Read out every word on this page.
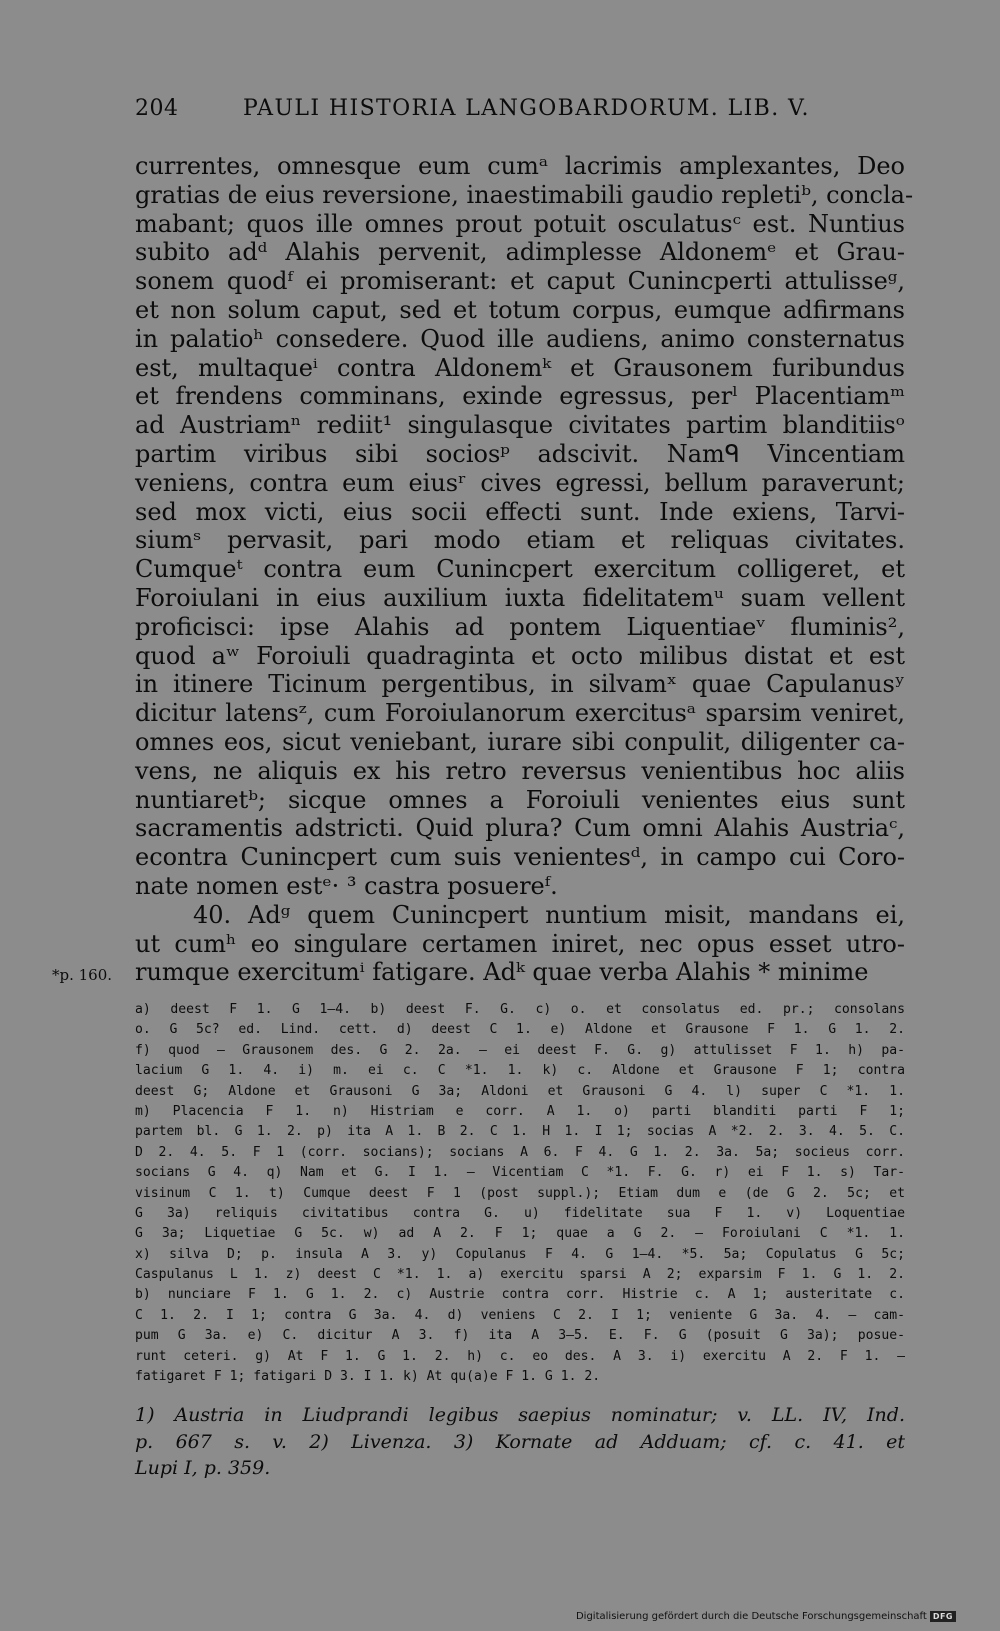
204	PAULI HISTORIA LANGOBARDORUM. LIB. V.
currentes, omnesque eum cumᵃ lacrimis amplexantes, Deo
gratias de eius reversione, inaestimabili gaudio repletiᵇ, concla-
mabant; quos ille omnes prout potuit osculatusᶜ est. Nuntius
subito adᵈ Alahis pervenit, adimplesse Aldonemᵉ et Grau-
sonem quodᶠ ei promiserant: et caput Cunincperti attulisseᵍ,
et non solum caput, sed et totum corpus, eumque adfirmans
in palatioʰ consedere. Quod ille audiens, animo consternatus
est, multaqueⁱ contra Aldonemᵏ et Grausonem furibundus
et frendens comminans, exinde egressus, perˡ Placentiamᵐ
ad Austriamⁿ rediit¹ singulasque civitates partim blanditiisᵒ
partim viribus sibi sociosᵖ adscivit. Namᑫ Vincentiam
veniens, contra eum eiusʳ cives egressi, bellum paraverunt;
sed mox victi, eius socii effecti sunt. Inde exiens, Tarvi-
siumˢ pervasit, pari modo etiam et reliquas civitates.
Cumqueᵗ contra eum Cunincpert exercitum colligeret, et
Foroiulani in eius auxilium iuxta fidelitatemᵘ suam vellent
proficisci: ipse Alahis ad pontem Liquentiaeᵛ fluminis²,
quod aʷ Foroiuli quadraginta et octo milibus distat et est
in itinere Ticinum pergentibus, in silvamˣ quae Capulanusʸ
dicitur latensᶻ, cum Foroiulanorum exercitusᵃ sparsim veniret,
omnes eos, sicut veniebant, iurare sibi conpulit, diligenter ca-
vens, ne aliquis ex his retro reversus venientibus hoc aliis
nuntiaretᵇ; sicque omnes a Foroiuli venientes eius sunt
sacramentis adstricti. Quid plura? Cum omni Alahis Austriaᶜ,
econtra Cunincpert cum suis venientesᵈ, in campo cui Coro-
nate nomen estᵉ· ³ castra posuereᶠ.
40. Adᵍ quem Cunincpert nuntium misit, mandans ei,
ut cumʰ eo singulare certamen iniret, nec opus esset utro-
rumque exercitumⁱ fatigare. Adᵏ quae verba Alahis * minime
*p. 160.
a) deest F 1. G 1—4. b) deest F. G. c) o. et consolatus ed. pr.; consolans
o. G 5c? ed. Lind. cett. d) deest C 1. e) Aldone et Grausone F 1. G 1. 2.
f) quod — Grausonem des. G 2. 2a. — ei deest F. G. g) attulisset F 1. h) pa-
lacium G 1. 4. i) m. ei c. C *1. 1. k) c. Aldone et Grausone F 1; contra
deest G; Aldone et Grausoni G 3a; Aldoni et Grausoni G 4. l) super C *1. 1.
m) Placencia F 1. n) Histriam e corr. A 1. o) parti blanditi parti F 1;
partem bl. G 1. 2. p) ita A 1. B 2. C 1. H 1. I 1; socias A *2. 2. 3. 4. 5. C.
D 2. 4. 5. F 1 (corr. socians); socians A 6. F 4. G 1. 2. 3a. 5a; socieus corr.
socians G 4. q) Nam et G. I 1. — Vicentiam C *1. F. G. r) ei F 1. s) Tar-
visinum C 1. t) Cumque deest F 1 (post suppl.); Etiam dum e (de G 2. 5c; et
G 3a) reliquis civitatibus contra G. u) fidelitate sua F 1. v) Loquentiae
G 3a; Liquetiae G 5c. w) ad A 2. F 1; quae a G 2. — Foroiulani C *1. 1.
x) silva D; p. insula A 3. y) Copulanus F 4. G 1—4. *5. 5a; Copulatus G 5c;
Caspulanus L 1. z) deest C *1. 1. a) exercitu sparsi A 2; exparsim F 1. G 1. 2.
b) nunciare F 1. G 1. 2. c) Austrie contra corr. Histrie c. A 1; austeritate c.
C 1. 2. I 1; contra G 3a. 4. d) veniens C 2. I 1; veniente G 3a. 4. — cam-
pum G 3a. e) C. dicitur A 3. f) ita A 3—5. E. F. G (posuit G 3a); posue-
runt ceteri. g) At F 1. G 1. 2. h) c. eo des. A 3. i) exercitu A 2. F 1. —
fatigaret F 1; fatigari D 3. I 1. k) At qu(a)e F 1. G 1. 2.
1) Austria in Liudprandi legibus saepius nominatur; v. LL. IV, Ind.
p. 667 s. v. 2) Livenza. 3) Kornate ad Adduam; cf. c. 41. et
Lupi I, p. 359.
Digitalisierung gefördert durch die Deutsche Forschungsgemeinschaft DFG
